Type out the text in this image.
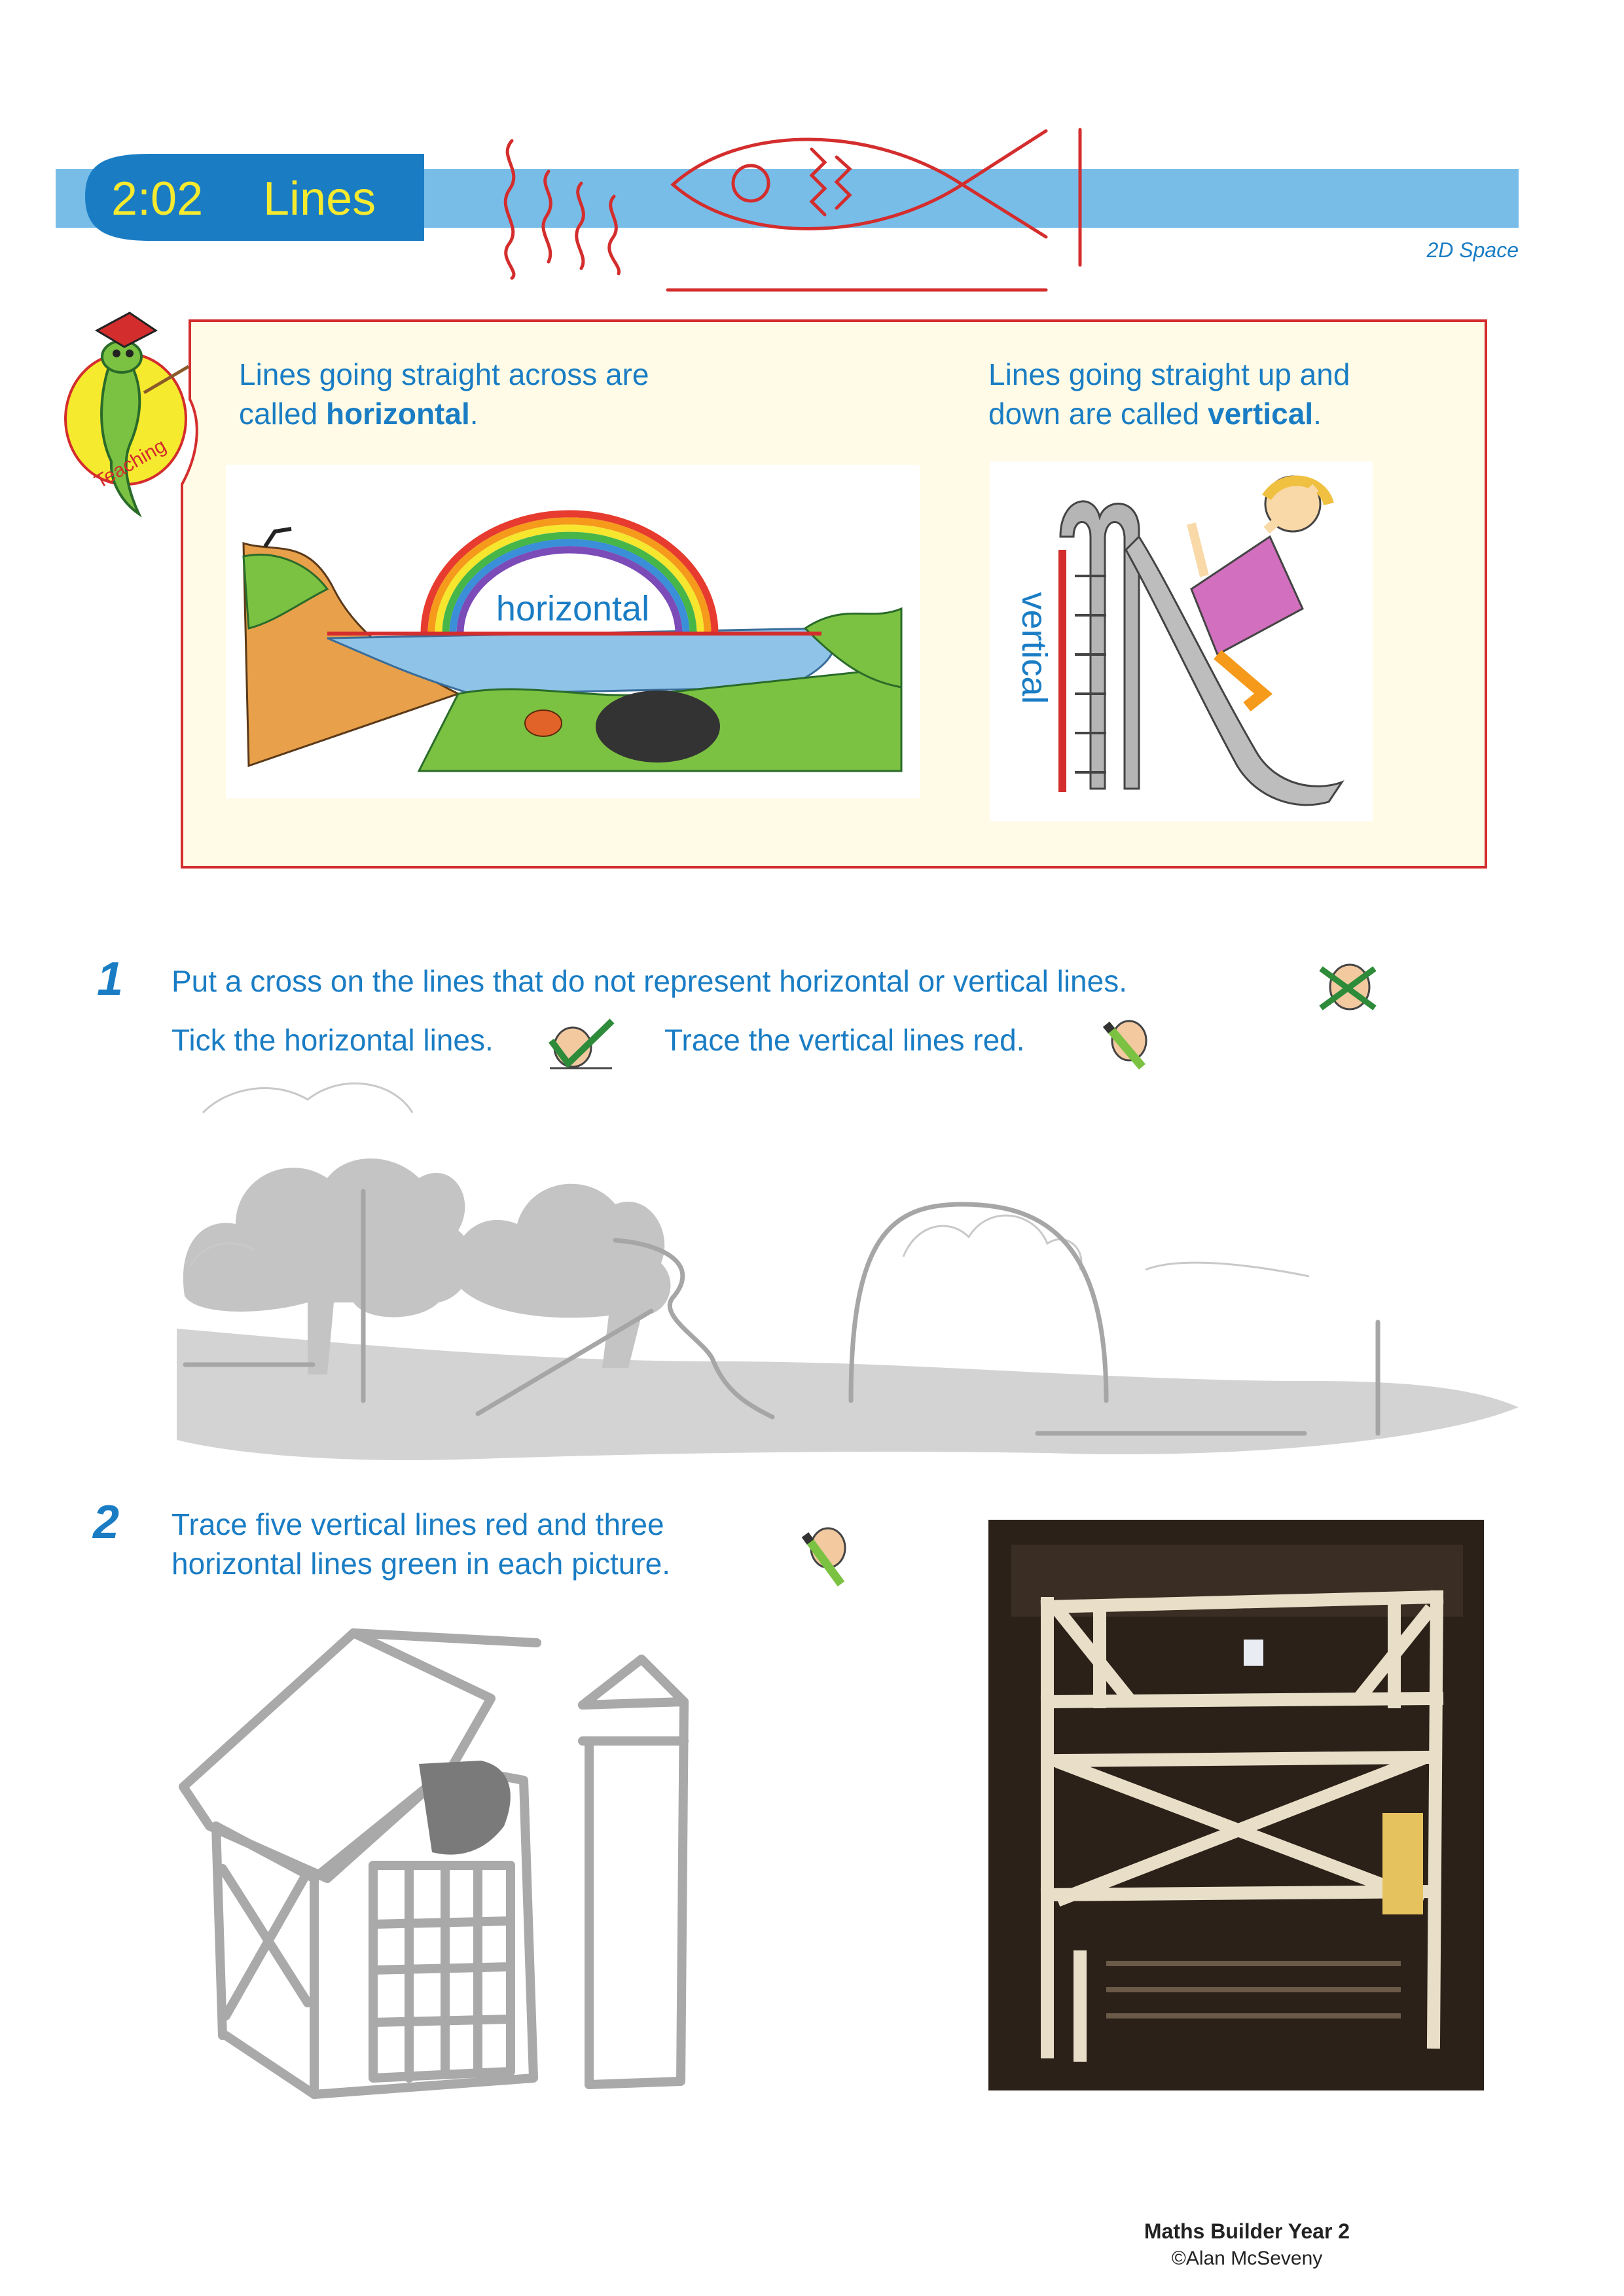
2:02 Lines
2D Space
Teaching
Lines going straight across are
called horizontal.
Lines going straight up and
down are called vertical.
horizontal	vertical
1 Put a cross on the lines that do not represent horizontal or vertical lines.
Tick the horizontal lines.	Trace the vertical lines red.
2 Trace five vertical lines red and three
horizontal lines green in each picture.
Maths Builder Year 2
©Alan McSeveny
